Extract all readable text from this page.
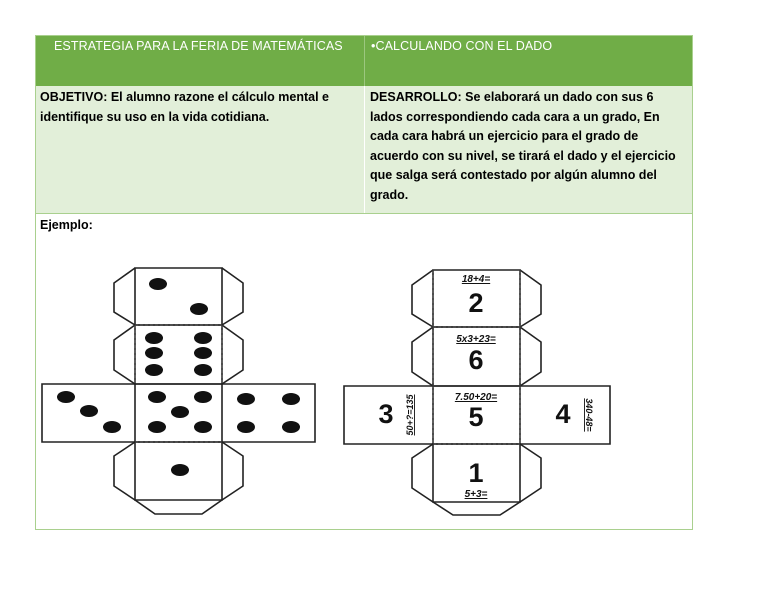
ESTRATEGIA PARA LA FERIA DE MATEMÁTICAS	•CALCULANDO CON EL DADO
OBJETIVO: El alumno razone el cálculo mental e identifique su uso en la vida cotidiana.
DESARROLLO: Se elaborará un dado con sus 6 lados correspondiendo cada cara a un grado, En cada cara habrá un ejercicio para el grado de acuerdo con su nivel, se tirará el dado y el ejercicio que salga será contestado por algún alumno del grado.
Ejemplo:
18+4=
2
5x3+23=
6
7.50+20=
5
1
5+3=
3 50+?=135	4 340-48=
